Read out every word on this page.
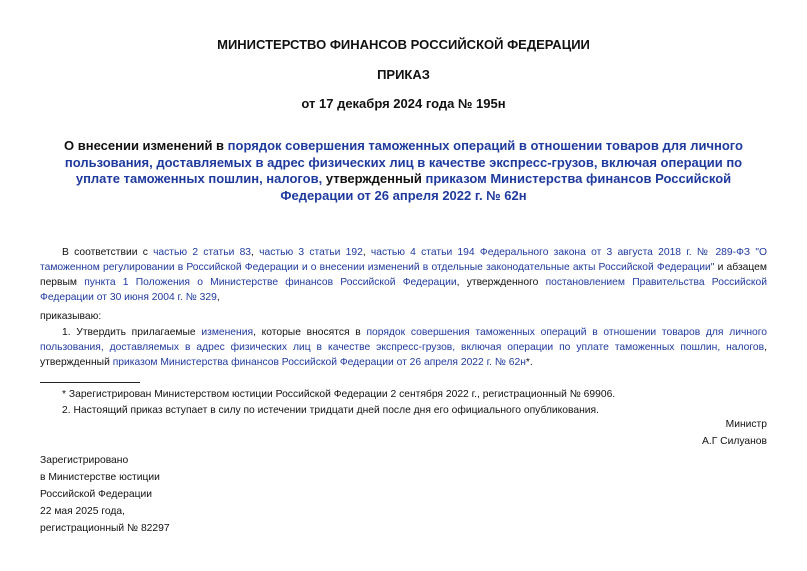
МИНИСТЕРСТВО ФИНАНСОВ РОССИЙСКОЙ ФЕДЕРАЦИИ
ПРИКАЗ
от 17 декабря 2024 года № 195н
О внесении изменений в порядок совершения таможенных операций в отношении товаров для личного пользования, доставляемых в адрес физических лиц в качестве экспресс-грузов, включая операции по уплате таможенных пошлин, налогов, утвержденный приказом Министерства финансов Российской Федерации от 26 апреля 2022 г. № 62н
В соответствии с частью 2 статьи 83, частью 3 статьи 192, частью 4 статьи 194 Федерального закона от 3 августа 2018 г. № 289-ФЗ "О таможенном регулировании в Российской Федерации и о внесении изменений в отдельные законодательные акты Российской Федерации" и абзацем первым пункта 1 Положения о Министерстве финансов Российской Федерации, утвержденного постановлением Правительства Российской Федерации от 30 июня 2004 г. № 329,
приказываю:
1. Утвердить прилагаемые изменения, которые вносятся в порядок совершения таможенных операций в отношении товаров для личного пользования, доставляемых в адрес физических лиц в качестве экспресс-грузов, включая операции по уплате таможенных пошлин, налогов, утвержденный приказом Министерства финансов Российской Федерации от 26 апреля 2022 г. № 62н*.
* Зарегистрирован Министерством юстиции Российской Федерации 2 сентября 2022 г., регистрационный № 69906.
2. Настоящий приказ вступает в силу по истечении тридцати дней после дня его официального опубликования.
Министр
А.Г Силуанов
Зарегистрировано
в Министерстве юстиции
Российской Федерации
22 мая 2025 года,
регистрационный № 82297
